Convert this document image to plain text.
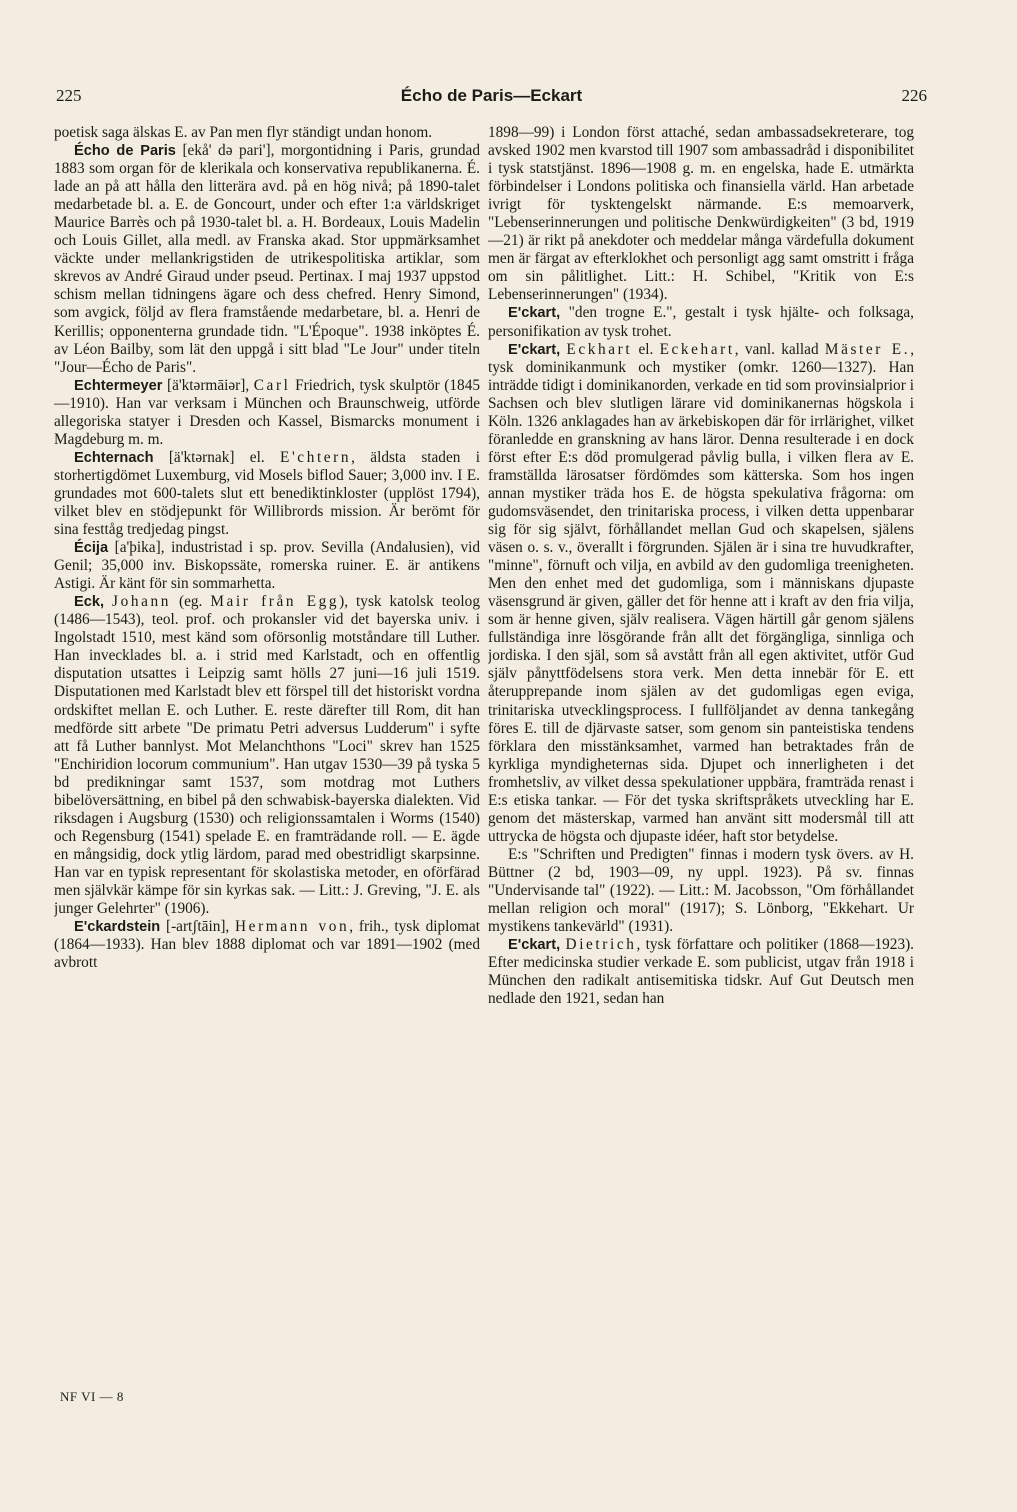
225	Écho de Paris—Eckart	226

poetisk saga älskas E. av Pan men flyr ständigt undan honom.

Écho de Paris [ekå' də pari'], morgontidning i Paris, grundad 1883 som organ för de klerikala och konservativa republikanerna. É. lade an på att hålla den litterära avd. på en hög nivå; på 1890-talet medarbetade bl. a. E. de Goncourt, under och efter 1:a världskriget Maurice Barrès och på 1930-talet bl. a. H. Bordeaux, Louis Madelin och Louis Gillet, alla medl. av Franska akad. Stor uppmärksamhet väckte under mellankrigstiden de utrikespolitiska artiklar, som skrevos av André Giraud under pseud. Pertinax. I maj 1937 uppstod schism mellan tidningens ägare och dess chefred. Henry Simond, som avgick, följd av flera framstående medarbetare, bl. a. Henri de Kerillis; opponenterna grundade tidn. "L'Époque". 1938 inköptes É. av Léon Bailby, som lät den uppgå i sitt blad "Le Jour" under titeln "Jour—Écho de Paris".

Echtermeyer [ä'ktərmāiər], Carl Friedrich, tysk skulptör (1845—1910). Han var verksam i München och Braunschweig, utförde allegoriska statyer i Dresden och Kassel, Bismarcks monument i Magdeburg m. m.

Echternach [ä'ktərnak] el. E'chtern, äldsta staden i storhertigdömet Luxemburg, vid Mosels biflod Sauer; 3,000 inv. I E. grundades mot 600-talets slut ett benediktinkloster (upplöst 1794), vilket blev en stödjepunkt för Willibrords mission. Är berömt för sina festtåg tredjedag pingst.

Écija [a'þika], industristad i sp. prov. Sevilla (Andalusien), vid Genil; 35,000 inv. Biskopssäte, romerska ruiner. E. är antikens Astigi. Är känt för sin sommarhetta.

Eck, Johann (eg. Mair från Egg), tysk katolsk teolog (1486—1543), teol. prof. och prokansler vid det bayerska univ. i Ingolstadt 1510, mest känd som oförsonlig motståndare till Luther. Han invecklades bl. a. i strid med Karlstadt, och en offentlig disputation utsattes i Leipzig samt hölls 27 juni—16 juli 1519. Disputationen med Karlstadt blev ett förspel till det historiskt vordna ordskiftet mellan E. och Luther. E. reste därefter till Rom, dit han medförde sitt arbete "De primatu Petri adversus Ludderum" i syfte att få Luther bannlyst. Mot Melanchthons "Loci" skrev han 1525 "Enchiridion locorum communium". Han utgav 1530—39 på tyska 5 bd predikningar samt 1537, som motdrag mot Luthers bibelöversättning, en bibel på den schwabisk-bayerska dialekten. Vid riksdagen i Augsburg (1530) och religionssamtalen i Worms (1540) och Regensburg (1541) spelade E. en framträdande roll. — E. ägde en mångsidig, dock ytlig lärdom, parad med obestridligt skarpsinne. Han var en typisk representant för skolastiska metoder, en oförfärad men självkär kämpe för sin kyrkas sak. — Litt.: J. Greving, "J. E. als junger Gelehrter" (1906).

E'ckardstein [-artʃtāin], Hermann von, frih., tysk diplomat (1864—1933). Han blev 1888 diplomat och var 1891—1902 (med avbrott

NF VI — 8

1898—99) i London först attaché, sedan ambassadsekreterare, tog avsked 1902 men kvarstod till 1907 som ambassadråd i disponibilitet i tysk statstjänst. 1896—1908 g. m. en engelska, hade E. utmärkta förbindelser i Londons politiska och finansiella värld. Han arbetade ivrigt för tysktengelskt närmande. E:s memoarverk, "Lebenserinnerungen und politische Denkwürdigkeiten" (3 bd, 1919—21) är rikt på anekdoter och meddelar många värdefulla dokument men är färgat av efterklokhet och personligt agg samt omstritt i fråga om sin pålitlighet. Litt.: H. Schibel, "Kritik von E:s Lebenserinnerungen" (1934).

E'ckart, "den trogne E.", gestalt i tysk hjälte- och folksaga, personifikation av tysk trohet.

E'ckart, Eckhart el. Eckehart, vanl. kallad Mäster E., tysk dominikanmunk och mystiker (omkr. 1260—1327). Han inträdde tidigt i dominikanorden, verkade en tid som provinsialprior i Sachsen och blev slutligen lärare vid dominikanernas högskola i Köln. 1326 anklagades han av ärkebiskopen där för irrlärighet, vilket föranledde en granskning av hans läror. Denna resulterade i en dock först efter E:s död promulgerad påvlig bulla, i vilken flera av E. framställda lärosatser fördömdes som kätterska. Som hos ingen annan mystiker träda hos E. de högsta spekulativa frågorna: om gudomsväsendet, den trinitariska process, i vilken detta uppenbarar sig för sig självt, förhållandet mellan Gud och skapelsen, själens väsen o. s. v., överallt i förgrunden. Själen är i sina tre huvudkrafter, "minne", förnuft och vilja, en avbild av den gudomliga treenigheten. Men den enhet med det gudomliga, som i människans djupaste väsensgrund är given, gäller det för henne att i kraft av den fria vilja, som är henne given, själv realisera. Vägen härtill går genom själens fullständiga inre lösgörande från allt det förgängliga, sinnliga och jordiska. I den själ, som så avstått från all egen aktivitet, utför Gud själv pånyttfödelsens stora verk. Men detta innebär för E. ett återupprepande inom själen av det gudomligas egen eviga, trinitariska utvecklingsprocess. I fullföljandet av denna tankegång föres E. till de djärvaste satser, som genom sin panteistiska tendens förklara den misstänksamhet, varmed han betraktades från de kyrkliga myndigheternas sida. Djupet och innerligheten i det fromhetsliv, av vilket dessa spekulationer uppbära, framträda renast i E:s etiska tankar. — För det tyska skriftspråkets utveckling har E. genom det mästerskap, varmed han använt sitt modersmål till att uttrycka de högsta och djupaste idéer, haft stor betydelse.

E:s "Schriften und Predigten" finnas i modern tysk övers. av H. Büttner (2 bd, 1903—09, ny uppl. 1923). På sv. finnas "Undervisande tal" (1922). — Litt.: M. Jacobsson, "Om förhållandet mellan religion och moral" (1917); S. Lönborg, "Ekkehart. Ur mystikens tankevärld" (1931).

E'ckart, Dietrich, tysk författare och politiker (1868—1923). Efter medicinska studier verkade E. som publicist, utgav från 1918 i München den radikalt antisemitiska tidskr. Auf Gut Deutsch men nedlade den 1921, sedan han
